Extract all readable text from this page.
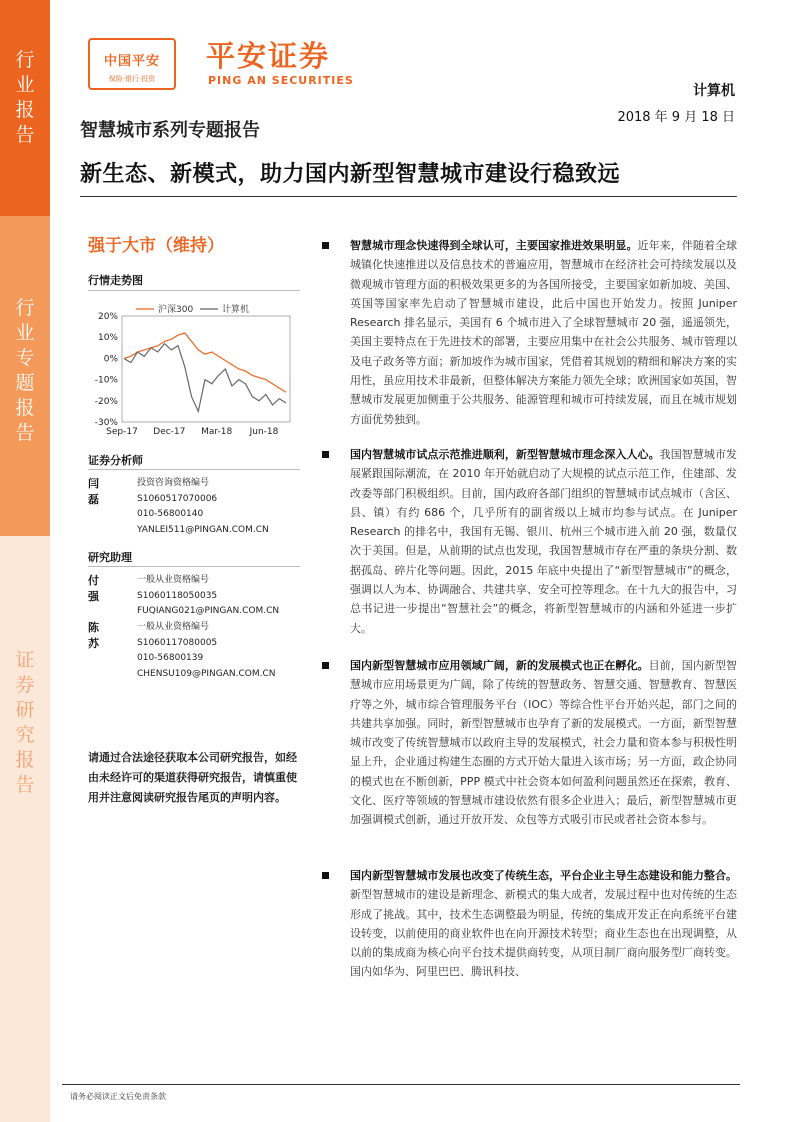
行
业
报
告
行
业
专
题
报
告
证
券
研
究
报
告
中国平安
保险·银行·投资
平安证券
PING AN SECURITIES
计算机
2018 年 9 月 18 日
智慧城市系列专题报告
新生态、新模式，助力国内新型智慧城市建设行稳致远
强于大市（维持）
行情走势图
沪深300	计算机
20%
10%
0%
-10%
-20%
-30%
Sep-17 Dec-17 Mar-18 Jun-18
证券分析师
闫磊
投资咨询资格编号
S1060517070006
010-56800140
YANLEI511@PINGAN.COM.CN
研究助理
付强
一般从业资格编号
S1060118050035
FUQIANG021@PINGAN.COM.CN
陈苏
一般从业资格编号
S1060117080005
010-56800139
CHENSU109@PINGAN.COM.CN
请通过合法途径获取本公司研究报告，如经由未经许可的渠道获得研究报告，请慎重使用并注意阅读研究报告尾页的声明内容。

智慧城市理念快速得到全球认可，主要国家推进效果明显。近年来，伴随着全球城镇化快速推进以及信息技术的普遍应用，智慧城市在经济社会可持续发展以及微观城市管理方面的积极效果更多的为各国所接受，主要国家如新加坡、美国、英国等国家率先启动了智慧城市建设，此后中国也开始发力。按照 Juniper Research 排名显示，美国有 6 个城市进入了全球智慧城市 20 强，遥遥领先，美国主要特点在于先进技术的部署，主要应用集中在社会公共服务、城市管理以及电子政务等方面；新加坡作为城市国家，凭借着其规划的精细和解决方案的实用性，虽应用技术非最新，但整体解决方案能力领先全球；欧洲国家如英国，智慧城市发展更加侧重于公共服务、能源管理和城市可持续发展，而且在城市规划方面优势独到。

国内智慧城市试点示范推进顺利，新型智慧城市理念深入人心。我国智慧城市发展紧跟国际潮流，在 2010 年开始就启动了大规模的试点示范工作，住建部、发改委等部门积极组织。目前，国内政府各部门组织的智慧城市试点城市（含区、县、镇）有约 686 个，几乎所有的副省级以上城市均参与试点。在 Juniper Research 的排名中，我国有无锡、银川、杭州三个城市进入前 20 强，数量仅次于美国。但是，从前期的试点也发现，我国智慧城市存在严重的条块分割、数据孤岛、碎片化等问题。因此，2015 年底中央提出了“新型智慧城市”的概念，强调以人为本、协调融合、共建共享、安全可控等理念。在十九大的报告中，习总书记进一步提出“智慧社会”的概念，将新型智慧城市的内涵和外延进一步扩大。

国内新型智慧城市应用领域广阔，新的发展模式也正在孵化。目前，国内新型智慧城市应用场景更为广阔，除了传统的智慧政务、智慧交通、智慧教育、智慧医疗等之外，城市综合管理服务平台（IOC）等综合性平台开始兴起，部门之间的共建共享加强。同时，新型智慧城市也孕育了新的发展模式。一方面，新型智慧城市改变了传统智慧城市以政府主导的发展模式，社会力量和资本参与积极性明显上升，企业通过构建生态圈的方式开始大量进入该市场；另一方面，政企协同的模式也在不断创新，PPP 模式中社会资本如何盈利问题虽然还在探索，教育、文化、医疗等领域的智慧城市建设依然有很多企业进入；最后，新型智慧城市更加强调模式创新，通过开放开发、众包等方式吸引市民或者社会资本参与。

国内新型智慧城市发展也改变了传统生态，平台企业主导生态建设和能力整合。新型智慧城市的建设是新理念、新模式的集大成者，发展过程中也对传统的生态形成了挑战。其中，技术生态调整最为明显，传统的集成开发正在向系统平台建设转变，以前使用的商业软件也在向开源技术转型；商业生态也在出现调整，从以前的集成商为核心向平台技术提供商转变，从项目制厂商向服务型厂商转变。国内如华为、阿里巴巴、腾讯科技、

请务必阅读正文后免责条款
